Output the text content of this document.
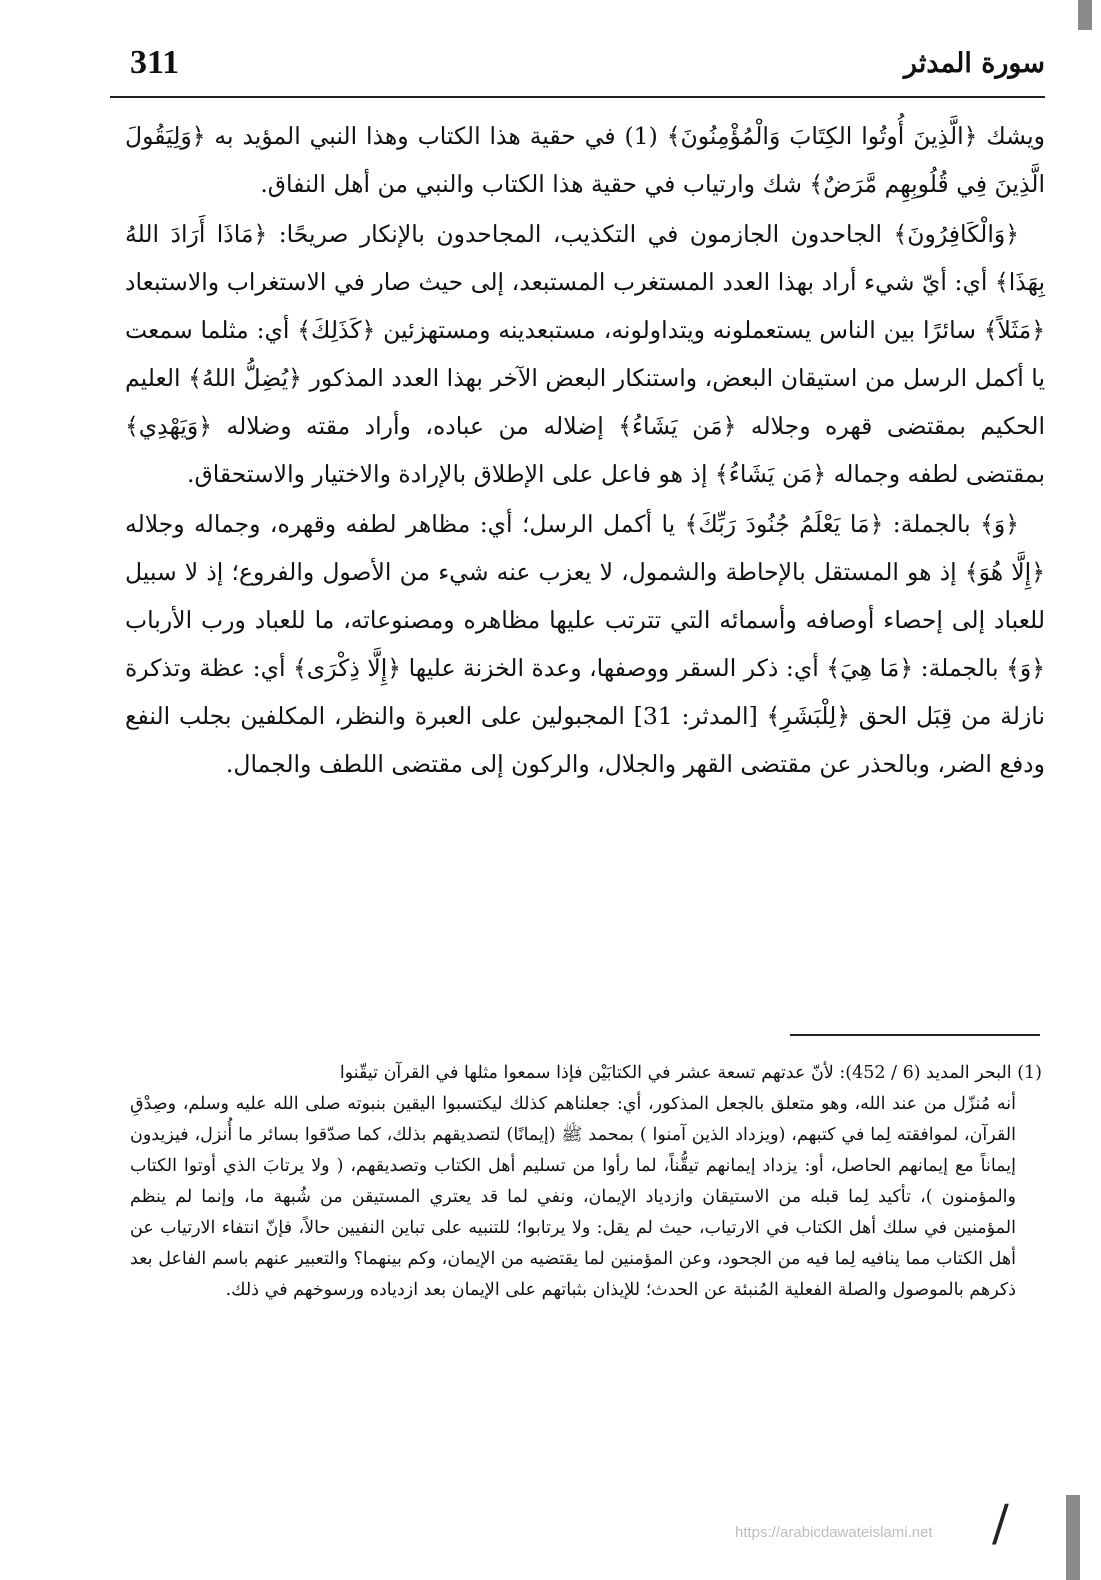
311	سورة المدثر

ويشك ﴿الَّذِينَ أُوتُوا الكِتَابَ وَالْمُؤْمِنُونَ﴾ (1) في حقية هذا الكتاب وهذا النبي المؤيد به ﴿وَلِيَقُولَ الَّذِينَ فِي قُلُوبِهِم مَّرَضٌ﴾ شك وارتياب في حقية هذا الكتاب والنبي من أهل النفاق.

﴿وَالْكَافِرُونَ﴾ الجاحدون الجازمون في التكذيب، المجاحدون بالإنكار صريحًا: ﴿مَاذَا أَرَادَ اللهُ بِهَذَا﴾ أي: أيّ شيء أراد بهذا العدد المستغرب المستبعد، إلى حيث صار في الاستغراب والاستبعاد ﴿مَثَلاً﴾ سائرًا بين الناس يستعملونه ويتداولونه، مستبعدينه ومستهزئين ﴿كَذَلِكَ﴾ أي: مثلما سمعت يا أكمل الرسل من استيقان البعض، واستنكار البعض الآخر بهذا العدد المذكور ﴿يُضِلُّ اللهُ﴾ العليم الحكيم بمقتضى قهره وجلاله ﴿مَن يَشَاءُ﴾ إضلاله من عباده، وأراد مقته وضلاله ﴿وَيَهْدِي﴾ بمقتضى لطفه وجماله ﴿مَن يَشَاءُ﴾ إذ هو فاعل على الإطلاق بالإرادة والاختيار والاستحقاق.

﴿وَ﴾ بالجملة: ﴿مَا يَعْلَمُ جُنُودَ رَبِّكَ﴾ يا أكمل الرسل؛ أي: مظاهر لطفه وقهره، وجماله وجلاله ﴿إِلَّا هُوَ﴾ إذ هو المستقل بالإحاطة والشمول، لا يعزب عنه شيء من الأصول والفروع؛ إذ لا سبيل للعباد إلى إحصاء أوصافه وأسمائه التي تترتب عليها مظاهره ومصنوعاته، ما للعباد ورب الأرباب ﴿وَ﴾ بالجملة: ﴿مَا هِيَ﴾ أي: ذكر السقر ووصفها، وعدة الخزنة عليها ﴿إِلَّا ذِكْرَى﴾ أي: عظة وتذكرة نازلة من قِبَل الحق ﴿لِلْبَشَرِ﴾ [المدثر: 31] المجبولين على العبرة والنظر، المكلفين بجلب النفع ودفع الضر، وبالحذر عن مقتضى القهر والجلال، والركون إلى مقتضى اللطف والجمال.

(1) البحر المديد (6 / 452): لأنّ عدتهم تسعة عشر في الكتابَيْن فإذا سمعوا مثلها في القرآن تيقّنوا
أنه مُنزّل من عند الله، وهو متعلق بالجعل المذكور، أي: جعلناهم كذلك ليكتسبوا اليقين بنبوته صلى الله عليه وسلم، وصِدْقِ القرآن، لموافقته لِما في كتبهم، (ويزداد الذين آمنوا ) بمحمد ﷺ (إيمانًا) لتصديقهم بذلك، كما صدّقوا بسائر ما أُنزل، فيزيدون إيماناً مع إيمانهم الحاصل، أو: يزداد إيمانهم تيقُّناً، لما رأوا من تسليم أهل الكتاب وتصديقهم، ( ولا يرتابَ الذي أوتوا الكتاب والمؤمنون )، تأكيد لِما قبله من الاستيقان وازدياد الإيمان، ونفي لما قد يعتري المستيقن من شُبهة ما، وإنما لم ينظم المؤمنين في سلك أهل الكتاب في الارتياب، حيث لم يقل: ولا يرتابوا؛ للتنبيه على تباين النفيين حالاً، فإنّ انتفاء الارتياب عن أهل الكتاب مما ينافيه لِما فيه من الجحود، وعن المؤمنين لما يقتضيه من الإيمان، وكم بينهما؟ والتعبير عنهم باسم الفاعل بعد ذكرهم بالموصول والصلة الفعلية المُنبئة عن الحدث؛ للإيذان بثباتهم على الإيمان بعد ازدياده ورسوخهم في ذلك.
/
https://arabicdawateislami.net
